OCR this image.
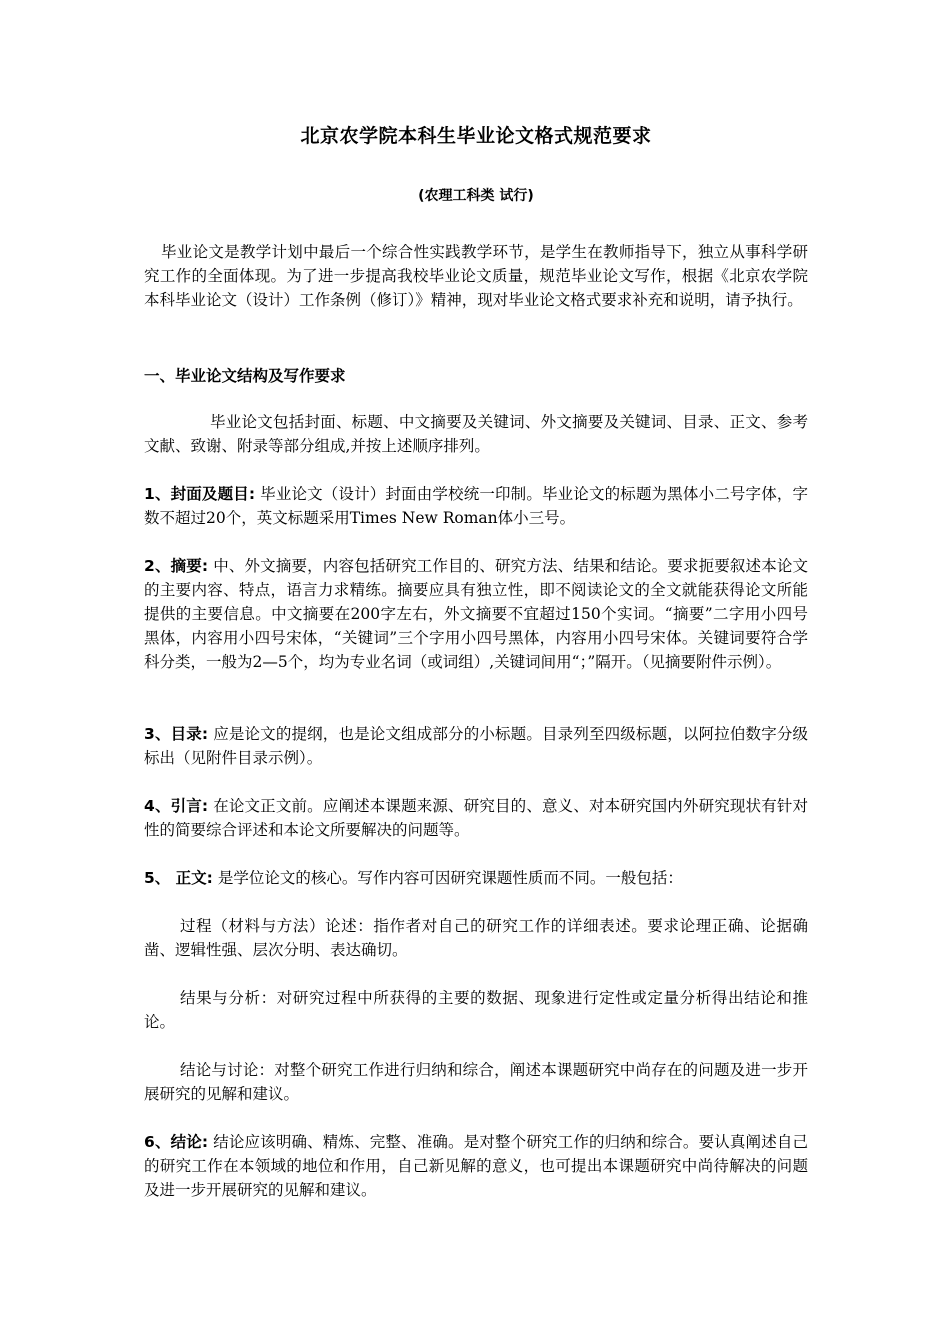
北京农学院本科生毕业论文格式规范要求
(农理工科类 试行)

毕业论文是教学计划中最后一个综合性实践教学环节，是学生在教师指导下，独立从事科学研究工作的全面体现。为了进一步提高我校毕业论文质量，规范毕业论文写作，根据《北京农学院本科毕业论文（设计）工作条例（修订）》精神，现对毕业论文格式要求补充和说明，请予执行。

一、毕业论文结构及写作要求

毕业论文包括封面、标题、中文摘要及关键词、外文摘要及关键词、目录、正文、参考文献、致谢、附录等部分组成,并按上述顺序排列。

1、封面及题目: 毕业论文（设计）封面由学校统一印制。毕业论文的标题为黑体小二号字体，字数不超过20个，英文标题采用Times New Roman体小三号。

2、摘要: 中、外文摘要，内容包括研究工作目的、研究方法、结果和结论。要求扼要叙述本论文的主要内容、特点，语言力求精练。摘要应具有独立性，即不阅读论文的全文就能获得论文所能提供的主要信息。中文摘要在200字左右，外文摘要不宜超过150个实词。“摘要”二字用小四号黑体，内容用小四号宋体，“关键词”三个字用小四号黑体，内容用小四号宋体。关键词要符合学科分类，一般为2—5个，均为专业名词（或词组）,关键词间用“；”隔开。（见摘要附件示例）。

3、目录: 应是论文的提纲，也是论文组成部分的小标题。目录列至四级标题，以阿拉伯数字分级标出（见附件目录示例）。

4、引言: 在论文正文前。应阐述本课题来源、研究目的、意义、对本研究国内外研究现状有针对性的简要综合评述和本论文所要解决的问题等。

5、 正文: 是学位论文的核心。写作内容可因研究课题性质而不同。一般包括：

过程（材料与方法）论述：指作者对自己的研究工作的详细表述。要求论理正确、论据确凿、逻辑性强、层次分明、表达确切。

结果与分析：对研究过程中所获得的主要的数据、现象进行定性或定量分析得出结论和推论。

结论与讨论：对整个研究工作进行归纳和综合，阐述本课题研究中尚存在的问题及进一步开展研究的见解和建议。

6、结论: 结论应该明确、精炼、完整、准确。是对整个研究工作的归纳和综合。要认真阐述自己的研究工作在本领域的地位和作用，自己新见解的意义，也可提出本课题研究中尚待解决的问题及进一步开展研究的见解和建议。
